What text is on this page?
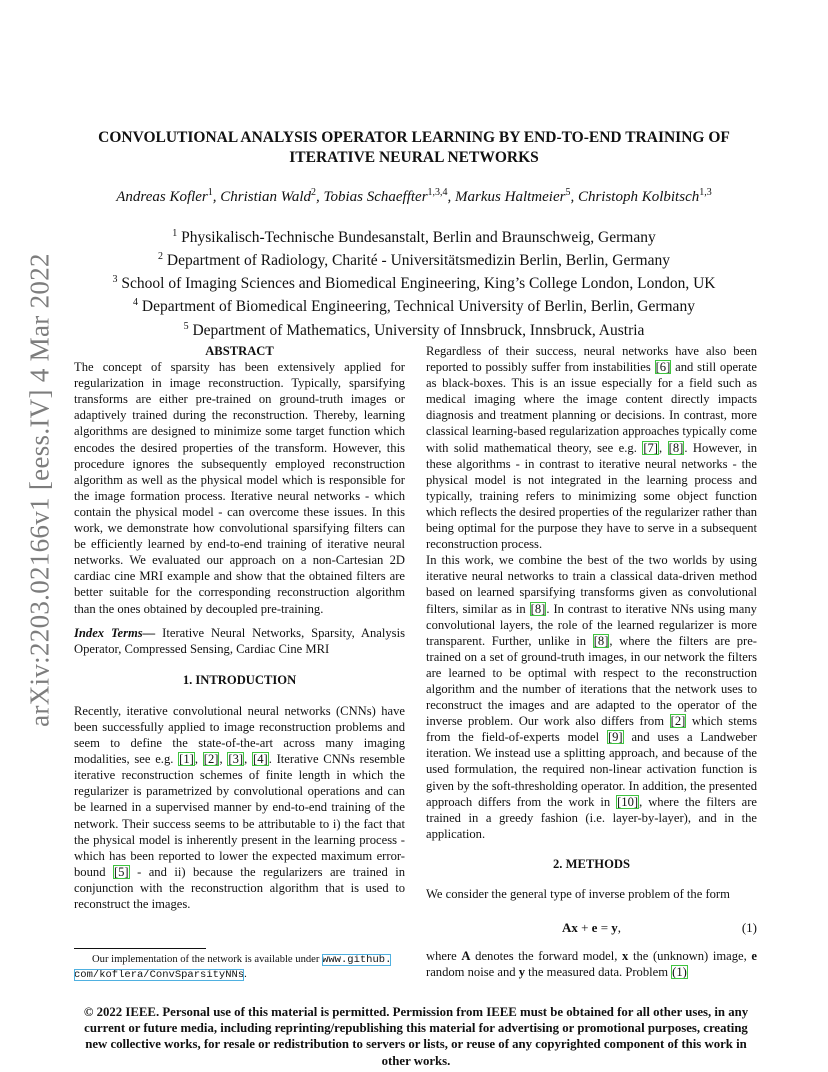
arXiv:2203.02166v1 [eess.IV] 4 Mar 2022
CONVOLUTIONAL ANALYSIS OPERATOR LEARNING BY END-TO-END TRAINING OF
ITERATIVE NEURAL NETWORKS
Andreas Kofler$^1$, Christian Wald$^2$, Tobias Schaeffter$^{1,3,4}$, Markus Haltmeier$^5$, Christoph Kolbitsch$^{1,3}$
$^1$ Physikalisch-Technische Bundesanstalt, Berlin and Braunschweig, Germany
$^2$ Department of Radiology, Charité - Universitätsmedizin Berlin, Berlin, Germany
$^3$ School of Imaging Sciences and Biomedical Engineering, King’s College London, London, UK
$^4$ Department of Biomedical Engineering, Technical University of Berlin, Berlin, Germany
$^5$ Department of Mathematics, University of Innsbruck, Innsbruck, Austria
ABSTRACT

The concept of sparsity has been extensively applied for regularization in image reconstruction. Typically, sparsifying transforms are either pre-trained on ground-truth images or adaptively trained during the reconstruction. Thereby, learning algorithms are designed to minimize some target function which encodes the desired properties of the transform. However, this procedure ignores the subsequently employed reconstruction algorithm as well as the physical model which is responsible for the image formation process. Iterative neural networks - which contain the physical model - can overcome these issues. In this work, we demonstrate how convolutional sparsifying filters can be efficiently learned by end-to-end training of iterative neural networks. We evaluated our approach on a non-Cartesian 2D cardiac cine MRI example and show that the obtained filters are better suitable for the corresponding reconstruction algorithm than the ones obtained by decoupled pre-training.

Index Terms— Iterative Neural Networks, Sparsity, Analysis Operator, Compressed Sensing, Cardiac Cine MRI

1. INTRODUCTION

Recently, iterative convolutional neural networks (CNNs) have been successfully applied to image reconstruction problems and seem to define the state-of-the-art across many imaging modalities, see e.g. [1], [2], [3], [4]. Iterative CNNs resemble iterative reconstruction schemes of finite length in which the regularizer is parametrized by convolutional operations and can be learned in a supervised manner by end-to-end training of the network. Their success seems to be attributable to i) the fact that the physical model is inherently present in the learning process - which has been reported to lower the expected maximum error-bound [5] - and ii) because the regularizers are trained in conjunction with the reconstruction algorithm that is used to reconstruct the images.

Our implementation of the network is available under www.github.
com/koflera/ConvSparsityNNs.

Regardless of their success, neural networks have also been reported to possibly suffer from instabilities [6] and still operate as black-boxes. This is an issue especially for a field such as medical imaging where the image content directly impacts diagnosis and treatment planning or decisions. In contrast, more classical learning-based regularization approaches typically come with solid mathematical theory, see e.g. [7], [8]. However, in these algorithms - in contrast to iterative neural networks - the physical model is not integrated in the learning process and typically, training refers to minimizing some object function which reflects the desired properties of the regularizer rather than being optimal for the purpose they have to serve in a subsequent reconstruction process.

In this work, we combine the best of the two worlds by using iterative neural networks to train a classical data-driven method based on learned sparsifying transforms given as convolutional filters, similar as in [8]. In contrast to iterative NNs using many convolutional layers, the role of the learned regularizer is more transparent. Further, unlike in [8], where the filters are pre-trained on a set of ground-truth images, in our network the filters are learned to be optimal with respect to the reconstruction algorithm and the number of iterations that the network uses to reconstruct the images and are adapted to the operator of the inverse problem. Our work also differs from [2] which stems from the field-of-experts model [9] and uses a Landweber iteration. We instead use a splitting approach, and because of the used formulation, the required non-linear activation function is given by the soft-thresholding operator. In addition, the presented approach differs from the work in [10], where the filters are trained in a greedy fashion (i.e. layer-by-layer), and in the application.

2. METHODS

We consider the general type of inverse problem of the form

Ax + e = y,	(1)

where A denotes the forward model, x the (unknown) image, e random noise and y the measured data. Problem (1)

© 2022 IEEE. Personal use of this material is permitted. Permission from IEEE must be obtained for all other uses, in any current or future media, including reprinting/republishing this material for advertising or promotional purposes, creating new collective works, for resale or redistribution to servers or lists, or reuse of any copyrighted component of this work in other works.
